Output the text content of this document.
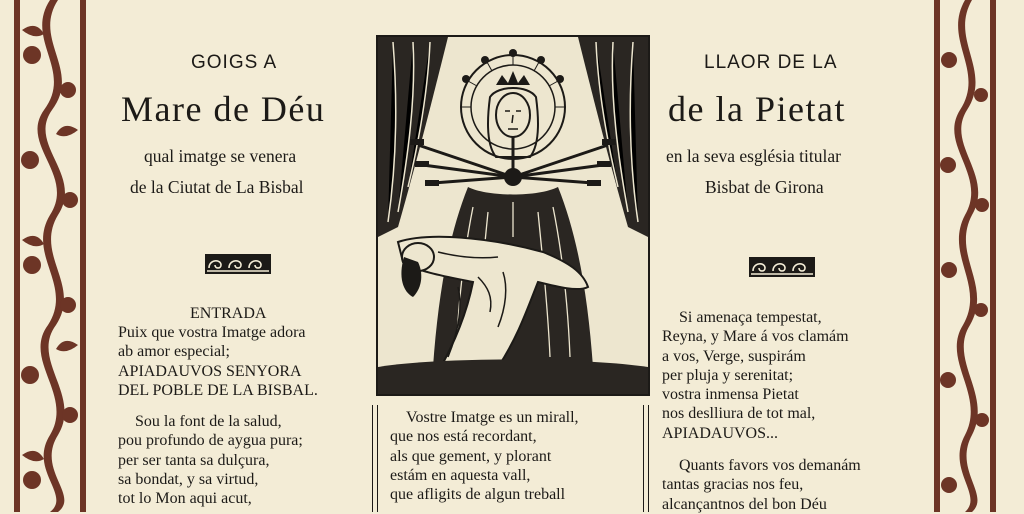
GOIGS A	LLAOR DE LA
Mare de Déu	de la Pietat
qual imatge se venera
de la Ciutat de La Bisbal
en la seva església titular
Bisbat de Girona
ENTRADA
Puix que vostra Imatge adora
ab amor especial;
APIADAUVOS SENYORA
DEL POBLE DE LA BISBAL.
Sou la font de la salud,
pou profundo de aygua pura;
per ser tanta sa dulçura,
sa bondat, y sa virtud,
tot lo Mon aqui acut,
Vostre Imatge es un mirall,
que nos está recordant,
als que gement, y plorant
estám en aquesta vall,
que afligits de algun treball
Si amenaça tempestat,
Reyna, y Mare á vos clamám
a vos, Verge, suspirám
per pluja y serenitat;
vostra inmensa Pietat
nos deslliura de tot mal,
APIADAUVOS...
Quants favors vos demanám
tantas gracias nos feu,
alcançantnos del bon Déu
